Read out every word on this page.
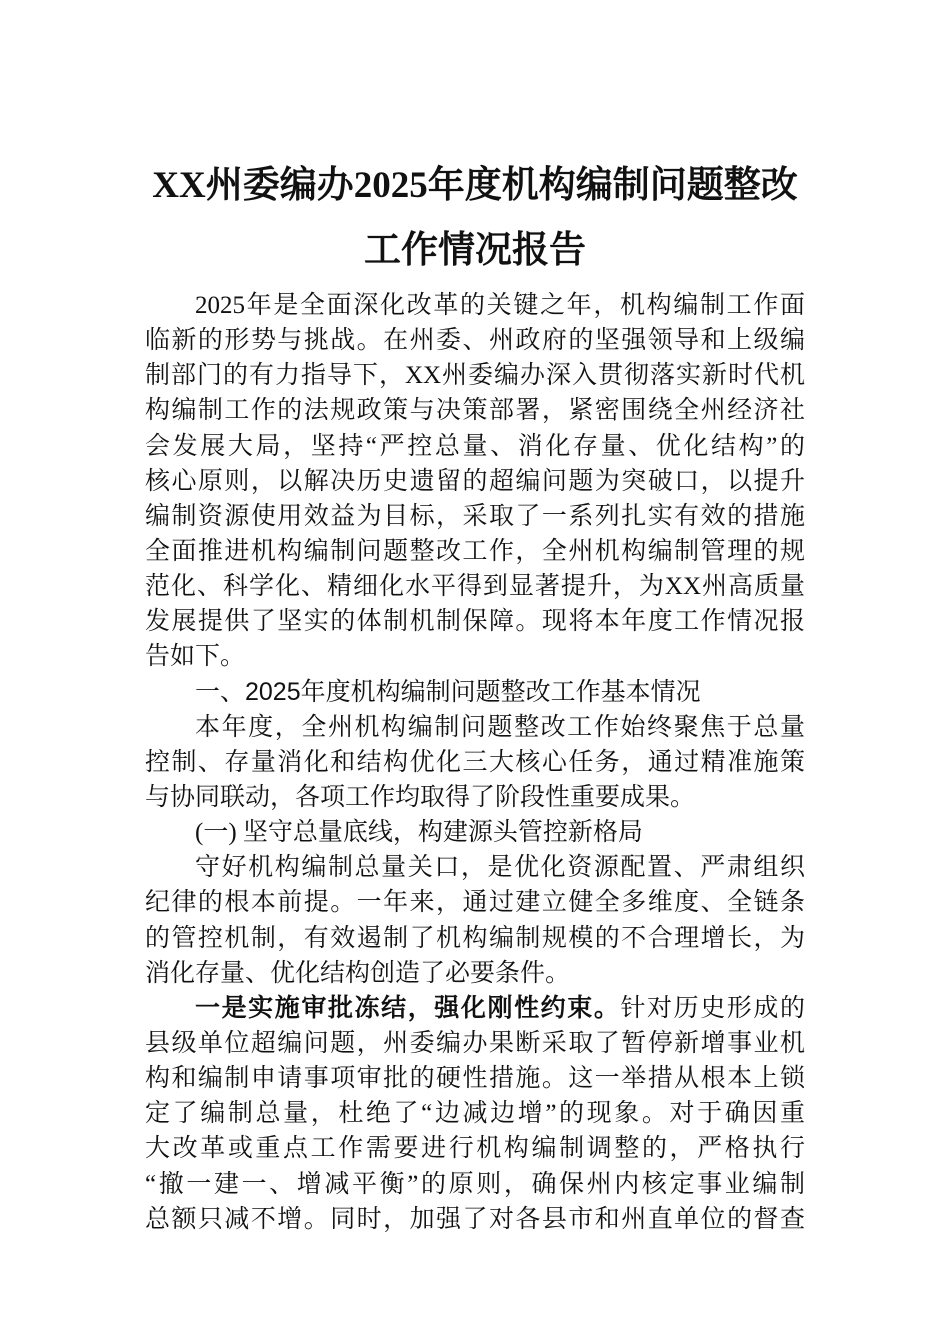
XX州委编办2025年度机构编制问题整改
工作情况报告
2025年是全面深化改革的关键之年，机构编制工作面
临新的形势与挑战。在州委、州政府的坚强领导和上级编
制部门的有力指导下，XX州委编办深入贯彻落实新时代机
构编制工作的法规政策与决策部署，紧密围绕全州经济社
会发展大局，坚持“严控总量、消化存量、优化结构”的
核心原则，以解决历史遗留的超编问题为突破口，以提升
编制资源使用效益为目标，采取了一系列扎实有效的措施
全面推进机构编制问题整改工作，全州机构编制管理的规
范化、科学化、精细化水平得到显著提升，为XX州高质量
发展提供了坚实的体制机制保障。现将本年度工作情况报
告如下。
一、2025年度机构编制问题整改工作基本情况
本年度，全州机构编制问题整改工作始终聚焦于总量
控制、存量消化和结构优化三大核心任务，通过精准施策
与协同联动，各项工作均取得了阶段性重要成果。
(一) 坚守总量底线，构建源头管控新格局
守好机构编制总量关口，是优化资源配置、严肃组织
纪律的根本前提。一年来，通过建立健全多维度、全链条
的管控机制，有效遏制了机构编制规模的不合理增长，为
消化存量、优化结构创造了必要条件。
一是实施审批冻结，强化刚性约束。针对历史形成的
县级单位超编问题，州委编办果断采取了暂停新增事业机
构和编制申请事项审批的硬性措施。这一举措从根本上锁
定了编制总量，杜绝了“边减边增”的现象。对于确因重
大改革或重点工作需要进行机构编制调整的，严格执行
“撤一建一、增减平衡”的原则，确保州内核定事业编制
总额只减不增。同时，加强了对各县市和州直单位的督查
